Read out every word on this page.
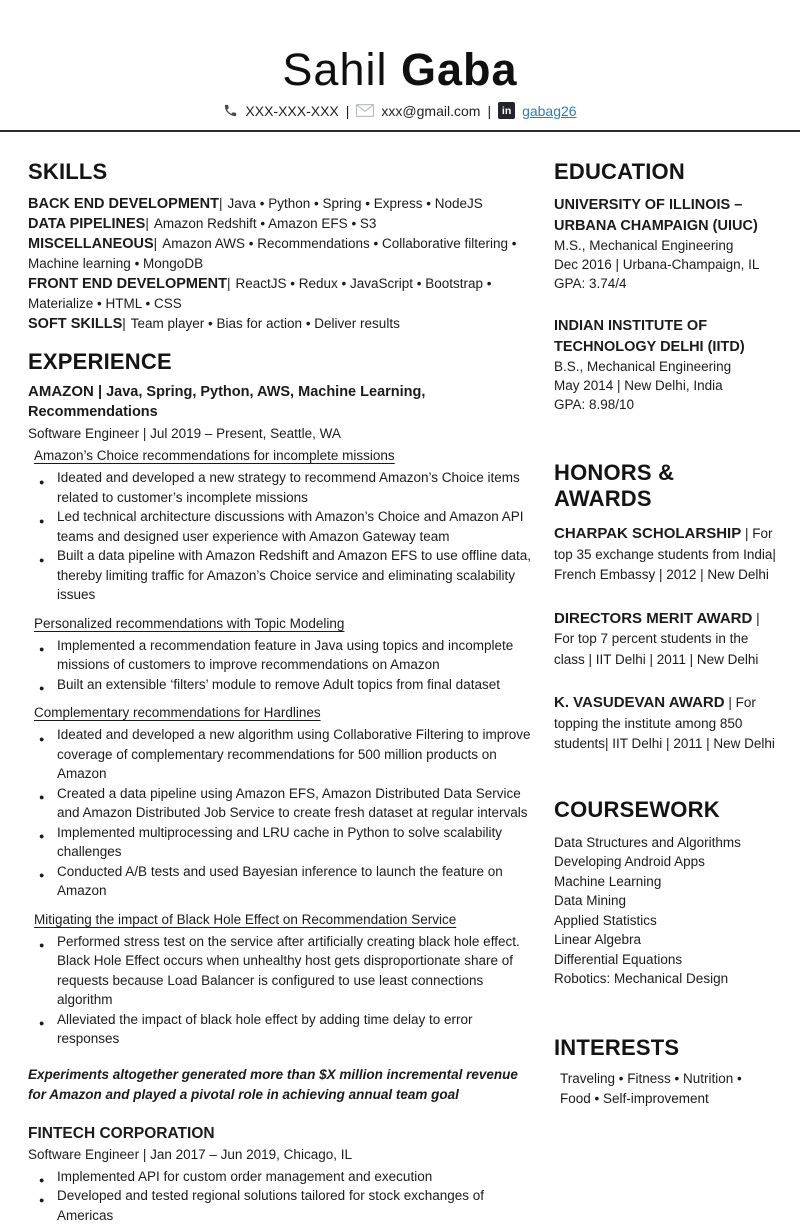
Sahil Gaba
XXX-XXX-XXX | xxx@gmail.com | in gabag26
SKILLS

BACK END DEVELOPMENT| Java • Python • Spring • Express • NodeJS

DATA PIPELINES| Amazon Redshift • Amazon EFS • S3

MISCELLANEOUS| Amazon AWS • Recommendations • Collaborative filtering • Machine learning • MongoDB

FRONT END DEVELOPMENT| ReactJS • Redux • JavaScript • Bootstrap • Materialize • HTML • CSS

SOFT SKILLS| Team player • Bias for action • Deliver results

EXPERIENCE

AMAZON | Java, Spring, Python, AWS, Machine Learning, Recommendations

Software Engineer | Jul 2019 – Present, Seattle, WA

Amazon’s Choice recommendations for incomplete missions

● Ideated and developed a new strategy to recommend Amazon’s Choice items related to customer’s incomplete missions
● Led technical architecture discussions with Amazon’s Choice and Amazon API teams and designed user experience with Amazon Gateway team
● Built a data pipeline with Amazon Redshift and Amazon EFS to use offline data, thereby limiting traffic for Amazon’s Choice service and eliminating scalability issues

Personalized recommendations with Topic Modeling

● Implemented a recommendation feature in Java using topics and incomplete missions of customers to improve recommendations on Amazon
● Built an extensible ‘filters’ module to remove Adult topics from final dataset

Complementary recommendations for Hardlines

● Ideated and developed a new algorithm using Collaborative Filtering to improve coverage of complementary recommendations for 500 million products on Amazon
● Created a data pipeline using Amazon EFS, Amazon Distributed Data Service and Amazon Distributed Job Service to create fresh dataset at regular intervals
● Implemented multiprocessing and LRU cache in Python to solve scalability challenges
● Conducted A/B tests and used Bayesian inference to launch the feature on Amazon

Mitigating the impact of Black Hole Effect on Recommendation Service

● Performed stress test on the service after artificially creating black hole effect. Black Hole Effect occurs when unhealthy host gets disproportionate share of requests because Load Balancer is configured to use least connections algorithm
● Alleviated the impact of black hole effect by adding time delay to error responses

Experiments altogether generated more than $X million incremental revenue for Amazon and played a pivotal role in achieving annual team goal

FINTECH CORPORATION

Software Engineer | Jan 2017 – Jun 2019, Chicago, IL

● Implemented API for custom order management and execution
● Developed and tested regional solutions tailored for stock exchanges of Americas
EDUCATION

UNIVERSITY OF ILLINOIS – URBANA CHAMPAIGN (UIUC)

M.S., Mechanical Engineering

Dec 2016 | Urbana-Champaign, IL

GPA: 3.74/4

INDIAN INSTITUTE OF TECHNOLOGY DELHI (IITD)

B.S., Mechanical Engineering

May 2014 | New Delhi, India

GPA: 8.98/10

HONORS & AWARDS

CHARPAK SCHOLARSHIP | For top 35 exchange students from India| French Embassy | 2012 | New Delhi

DIRECTORS MERIT AWARD | For top 7 percent students in the class | IIT Delhi | 2011 | New Delhi

K. VASUDEVAN AWARD | For topping the institute among 850 students| IIT Delhi | 2011 | New Delhi

COURSEWORK

Data Structures and Algorithms

Developing Android Apps

Machine Learning

Data Mining

Applied Statistics

Linear Algebra

Differential Equations

Robotics: Mechanical Design

INTERESTS

Traveling • Fitness • Nutrition • Food • Self-improvement
